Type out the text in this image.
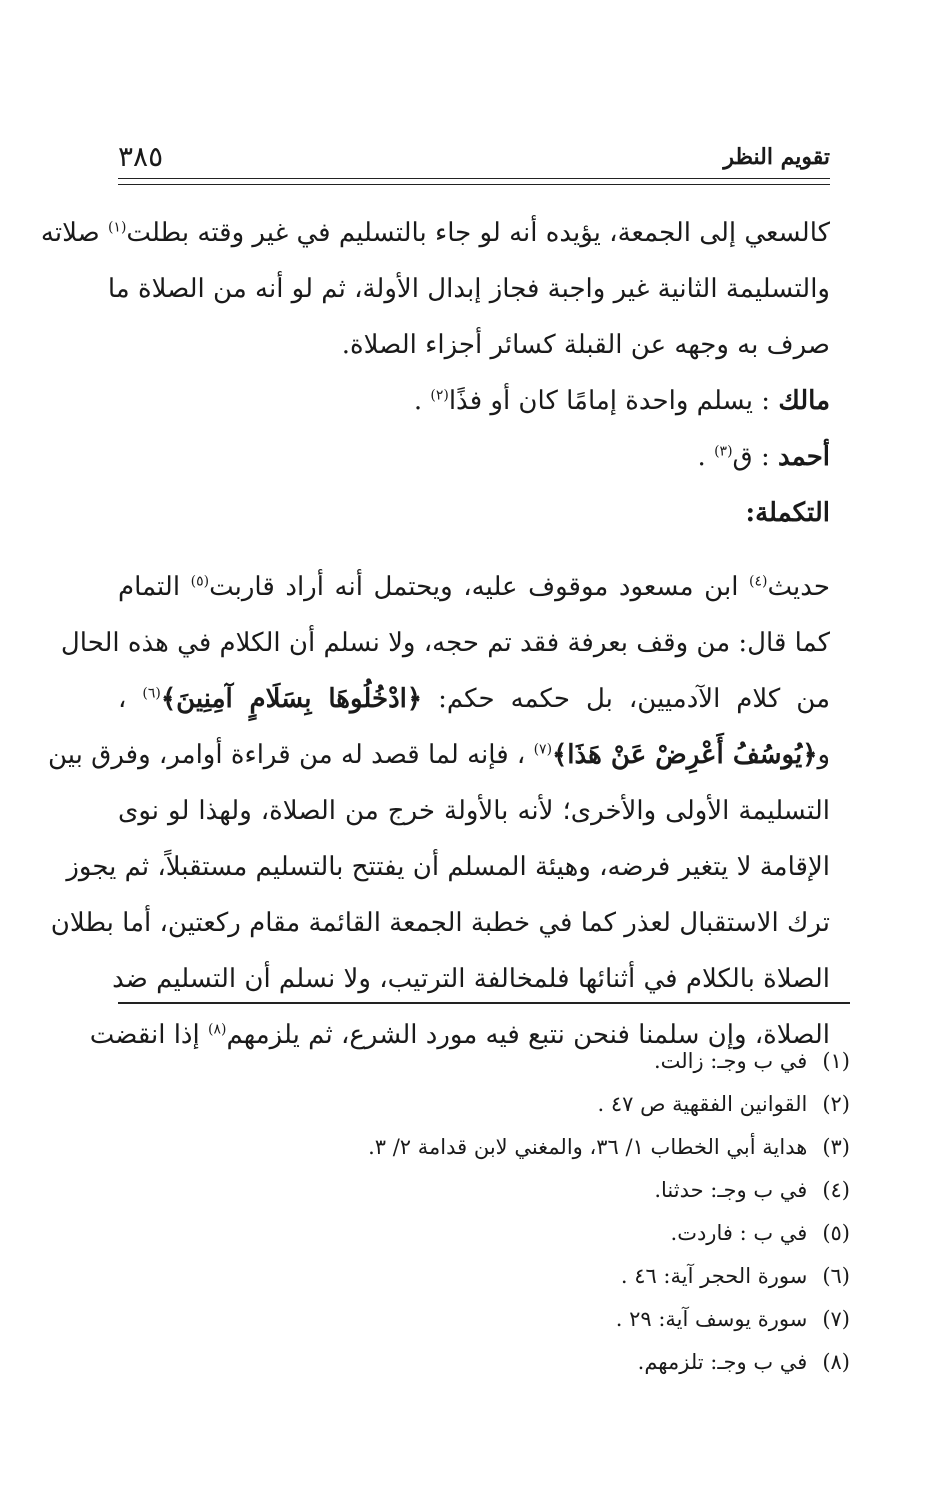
تقويم النظر
٣٨٥
كالسعي إلى الجمعة، يؤيده أنه لو جاء بالتسليم في غير وقته بطلت$^{(١)}$ صلاته
والتسليمة الثانية غير واجبة فجاز إبدال الأولة، ثم لو أنه من الصلاة ما
صرف به وجهه عن القبلة كسائر أجزاء الصلاة.
مالك : يسلم واحدة إمامًا كان أو فذًا$^{(٢)}$ .
أحمد : ق$^{(٣)}$ .
التكملة:
حديث$^{(٤)}$ ابن مسعود موقوف عليه، ويحتمل أنه أراد قاربت$^{(٥)}$ التمام
كما قال: من وقف بعرفة فقد تم حجه، ولا نسلم أن الكلام في هذه الحال
من كلام الآدميين، بل حكمه حكم: ﴿ادْخُلُوهَا بِسَلَامٍ آمِنِينَ﴾$^{(٦)}$ ،
و﴿يُوسُفُ أَعْرِضْ عَنْ هَذَا﴾$^{(٧)}$ ، فإنه لما قصد له من قراءة أوامر، وفرق بين
التسليمة الأولى والأخرى؛ لأنه بالأولة خرج من الصلاة، ولهذا لو نوى
الإقامة لا يتغير فرضه، وهيئة المسلم أن يفتتح بالتسليم مستقبلاً، ثم يجوز
ترك الاستقبال لعذر كما في خطبة الجمعة القائمة مقام ركعتين، أما بطلان
الصلاة بالكلام في أثنائها فلمخالفة الترتيب، ولا نسلم أن التسليم ضد
الصلاة، وإن سلمنا فنحن نتبع فيه مورد الشرع، ثم يلزمهم$^{(٨)}$ إذا انقضت
(١) في ب وجـ: زالت.
(٢) القوانين الفقهية ص ٤٧ .
(٣) هداية أبي الخطاب ١/ ٣٦، والمغني لابن قدامة ٢/ ٣.
(٤) في ب وجـ: حدثنا.
(٥) في ب : فاردت.
(٦) سورة الحجر آية: ٤٦ .
(٧) سورة يوسف آية: ٢٩ .
(٨) في ب وجـ: تلزمهم.
